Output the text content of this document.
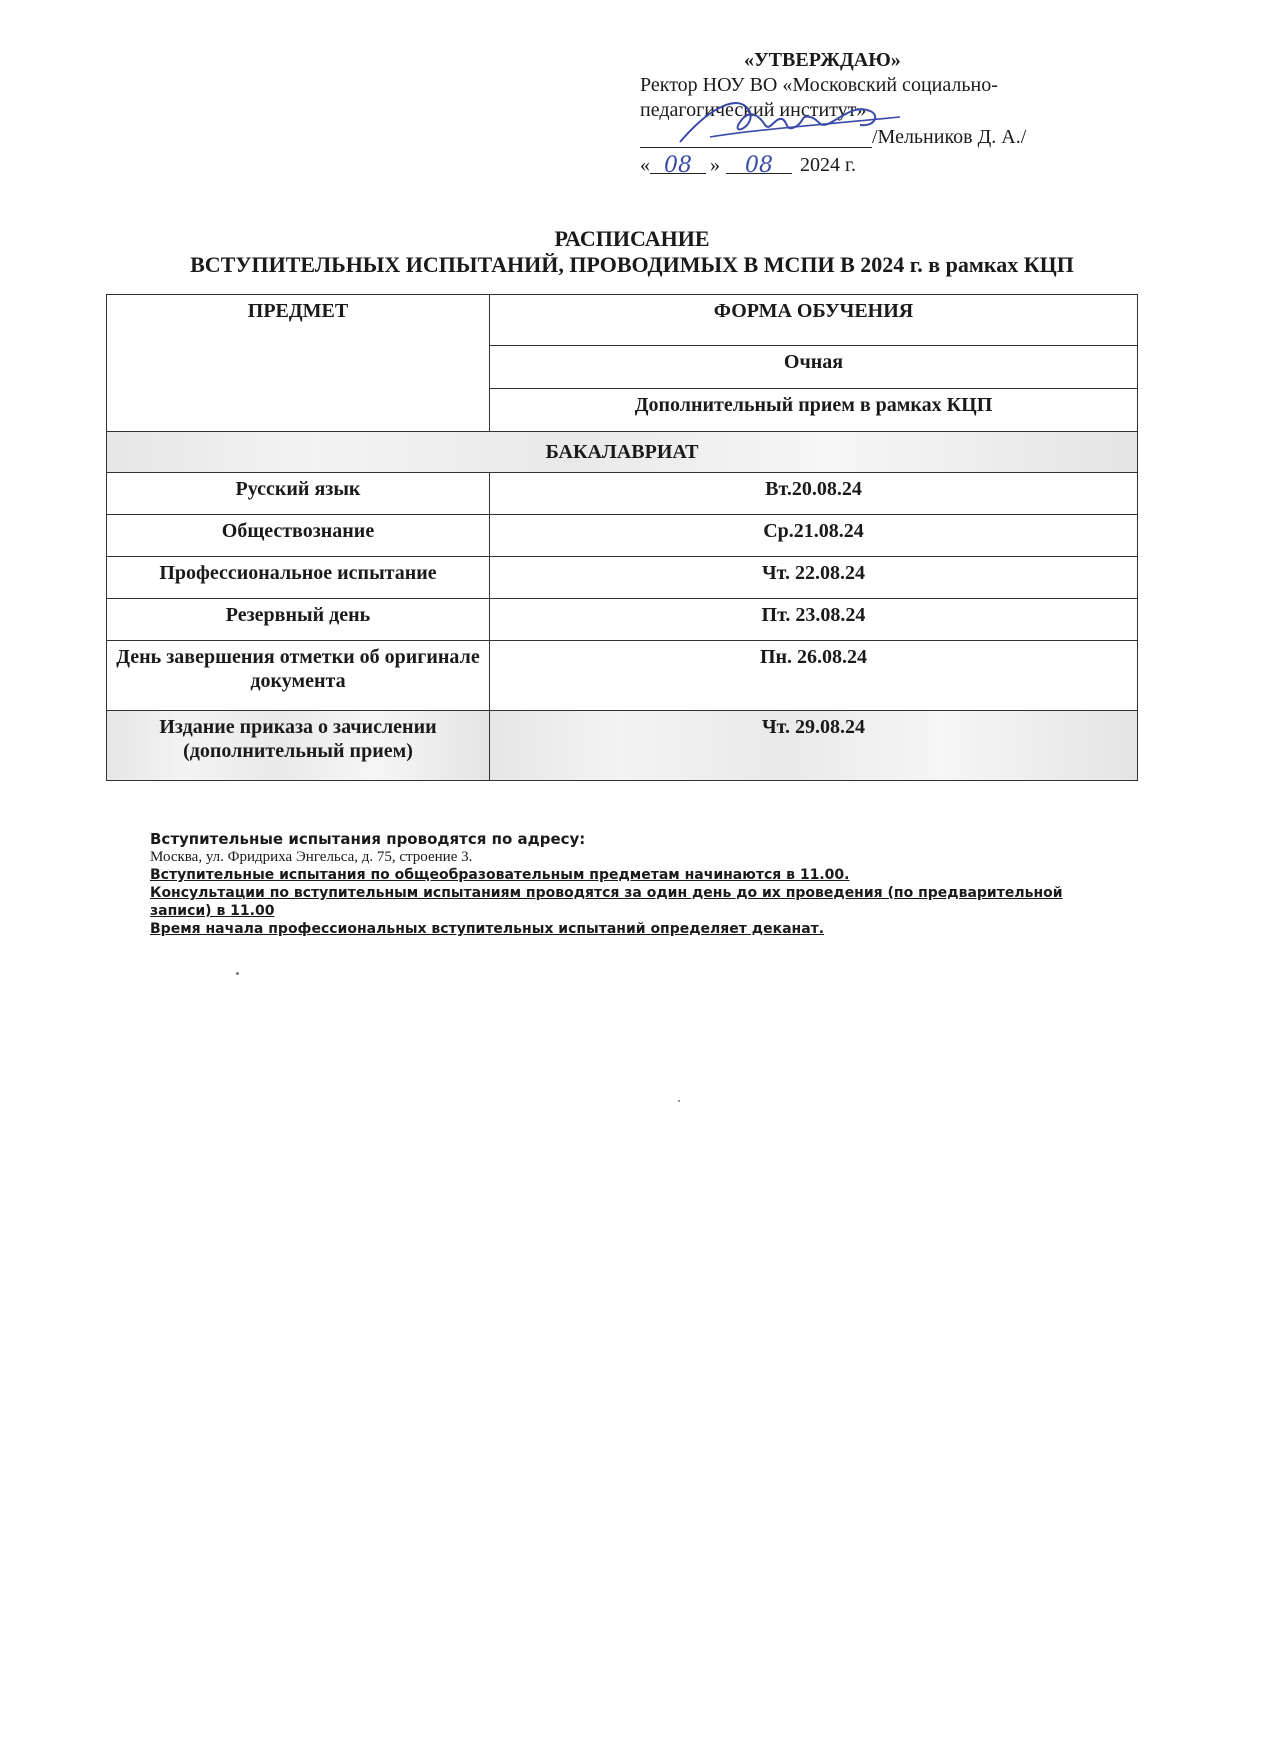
«УТВЕРЖДАЮ»
Ректор НОУ ВО «Московский социально-
педагогический институт»
/Мельников Д. А./
« 08 »	08	2024 г.
РАСПИСАНИЕ
ВСТУПИТЕЛЬНЫХ ИСПЫТАНИЙ, ПРОВОДИМЫХ В МСПИ В 2024 г. в рамках КЦП
ПРЕДМЕТ	ФОРМА ОБУЧЕНИЯ
	Очная
	Дополнительный прием в рамках КЦП
БАКАЛАВРИАТ	
Русский язык	Вт.20.08.24
Обществознание	Ср.21.08.24
Профессиональное испытание	Чт. 22.08.24
Резервный день	Пт. 23.08.24
День завершения отметки об оригинале документа	Пн. 26.08.24
Издание приказа о зачислении (дополнительный прием)	Чт. 29.08.24
Вступительные испытания проводятся по адресу:
Москва, ул. Фридриха Энгельса, д. 75, строение 3.
Вступительные испытания по общеобразовательным предметам начинаются в 11.00.
Консультации по вступительным испытаниям проводятся за один день до их проведения (по предварительной записи) в 11.00
Время начала профессиональных вступительных испытаний определяет деканат.
